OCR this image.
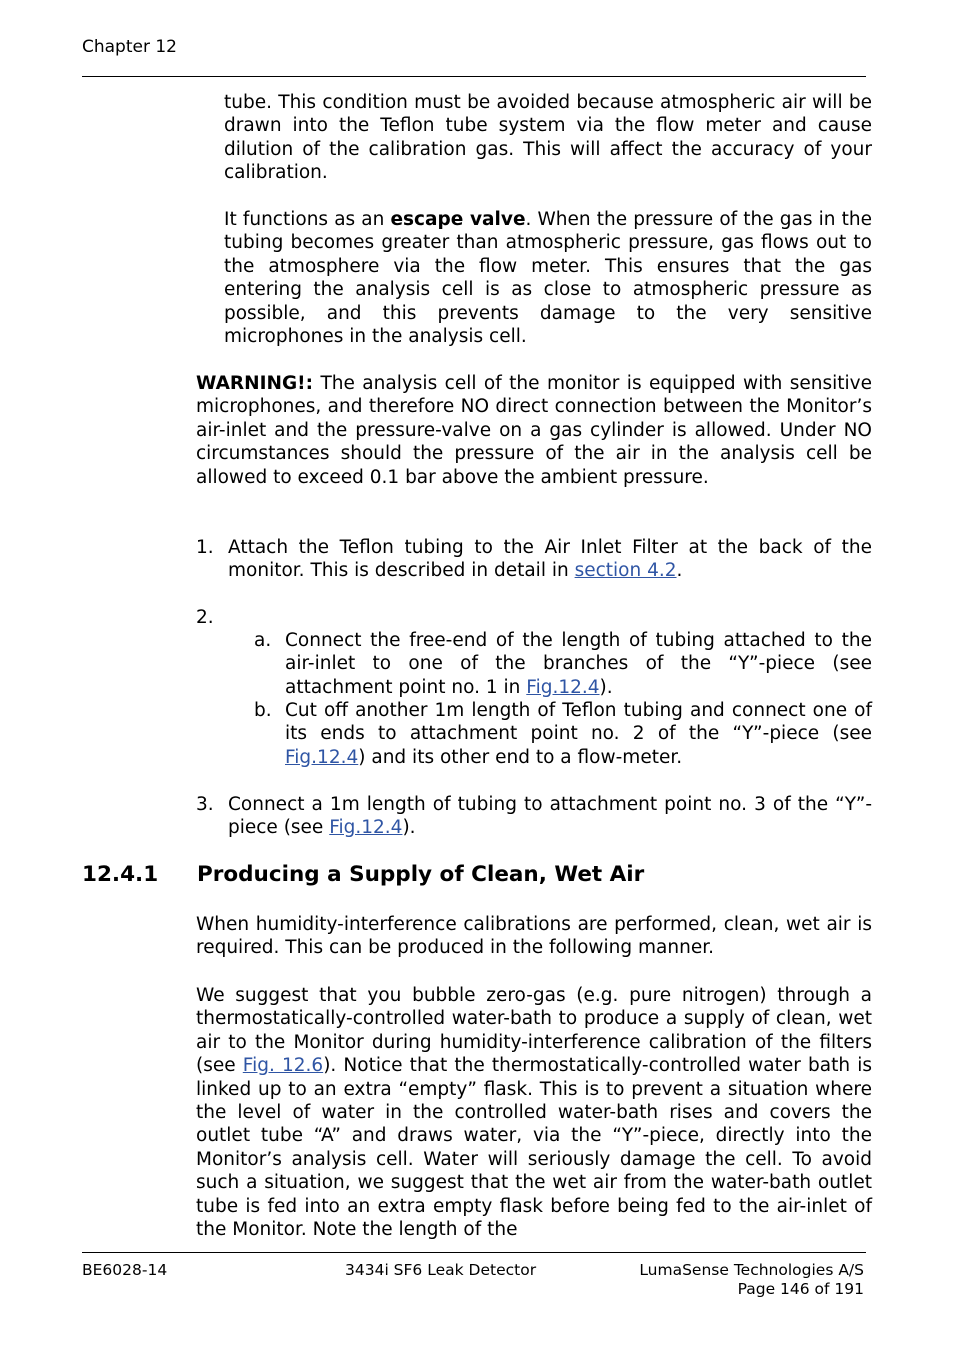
Chapter 12

tube. This condition must be avoided because atmospheric air will be drawn into the Teflon tube system via the flow meter and cause dilution of the calibration gas. This will affect the accuracy of your calibration.

It functions as an escape valve. When the pressure of the gas in the tubing becomes greater than atmospheric pressure, gas flows out to the atmosphere via the flow meter. This ensures that the gas entering the analysis cell is as close to atmospheric pressure as possible, and this prevents damage to the very sensitive microphones in the analysis cell.

WARNING!: The analysis cell of the monitor is equipped with sensitive microphones, and therefore NO direct connection between the Monitor’s air-inlet and the pressure-valve on a gas cylinder is allowed. Under NO circumstances should the pressure of the air in the analysis cell be allowed to exceed 0.1 bar above the ambient pressure.

1. Attach the Teflon tubing to the Air Inlet Filter at the back of the monitor. This is described in detail in section 4.2.

2.
a. Connect the free-end of the length of tubing attached to the air-inlet to one of the branches of the “Y”-piece (see attachment point no. 1 in Fig.12.4).

b. Cut off another 1m length of Teflon tubing and connect one of its ends to attachment point no. 2 of the “Y”-piece (see Fig.12.4) and its other end to a flow-meter.

3. Connect a 1m length of tubing to attachment point no. 3 of the “Y”-piece (see Fig.12.4).

12.4.1 Producing a Supply of Clean, Wet Air

When humidity-interference calibrations are performed, clean, wet air is required. This can be produced in the following manner.

We suggest that you bubble zero-gas (e.g. pure nitrogen) through a thermostatically-controlled water-bath to produce a supply of clean, wet air to the Monitor during humidity-interference calibration of the filters (see Fig. 12.6). Notice that the thermostatically-controlled water bath is linked up to an extra “empty” flask. This is to prevent a situation where the level of water in the controlled water-bath rises and covers the outlet tube “A” and draws water, via the “Y”-piece, directly into the Monitor’s analysis cell. Water will seriously damage the cell. To avoid such a situation, we suggest that the wet air from the water-bath outlet tube is fed into an extra empty flask before being fed to the air-inlet of the Monitor. Note the length of the

BE6028-14	3434i SF6 Leak Detector	LumaSense Technologies A/S
Page 146 of 191
